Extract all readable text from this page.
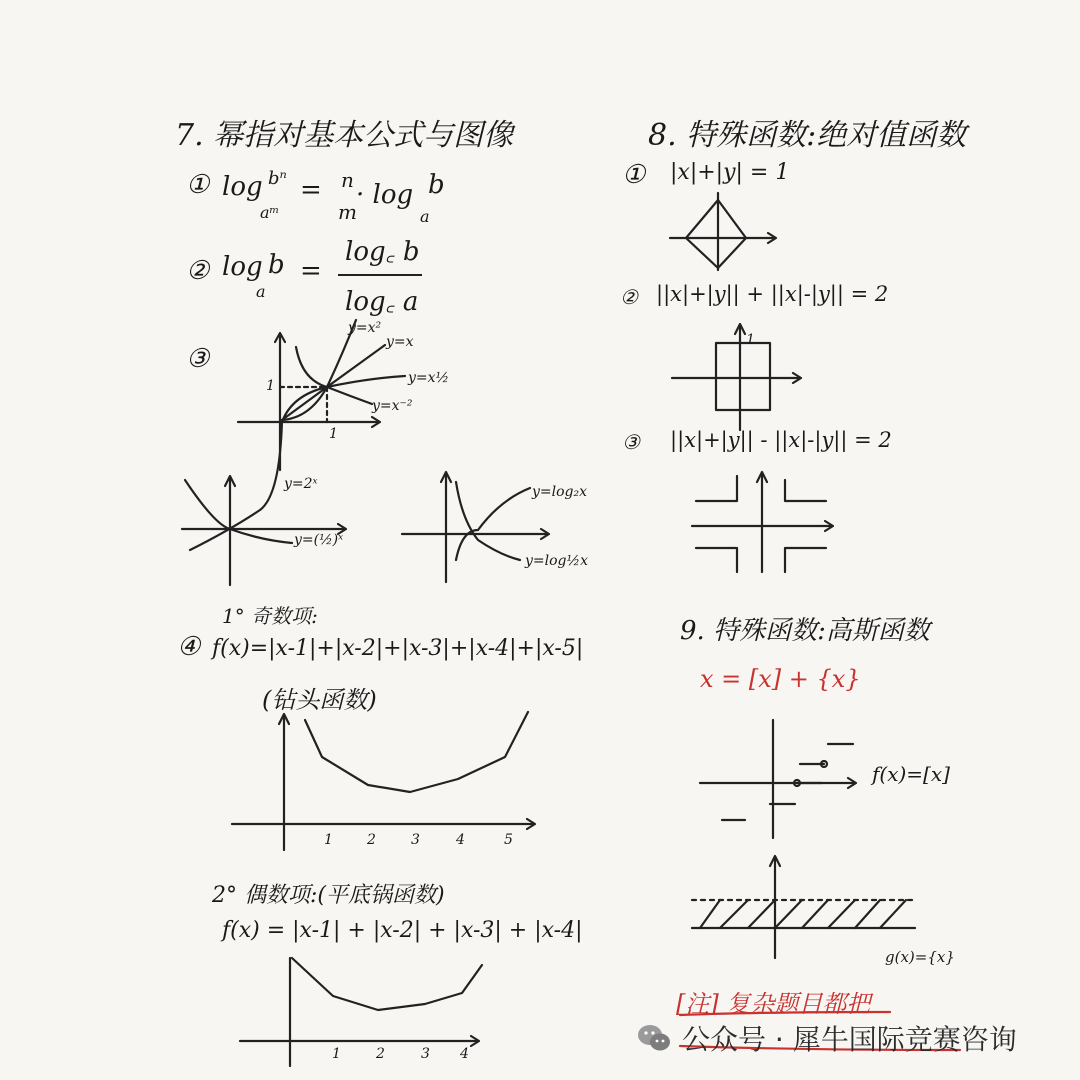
7. 幂指对基本公式与图像
① log
aᵐ
bⁿ = n
m
· log
a
b
② log
a
b =
log꜀ b
log꜀ a
③
y=x²
y=x
y=x½
y=x⁻²
1
1
y=2ˣ
y=(½)ˣ
y=log₂x
y=log½x
1° 奇数项:
④ f(x)=|x-1|+|x-2|+|x-3|+|x-4|+|x-5|
(钻头函数)
1 2	3	4	5
2° 偶数项:(平底锅函数)
f(x) = |x-1| + |x-2| + |x-3| + |x-4|
1	2	3 4
8. 特殊函数:绝对值函数
① |x|+|y| = 1
② ||x|+|y|| + ||x|-|y|| = 2
1
③ ||x|+|y|| - ||x|-|y|| = 2
9. 特殊函数:高斯函数
x = [x] + {x}
f(x)=[x]
g(x)={x}
[注] 复杂题目都把
公众号 · 犀牛国际竞赛咨询
